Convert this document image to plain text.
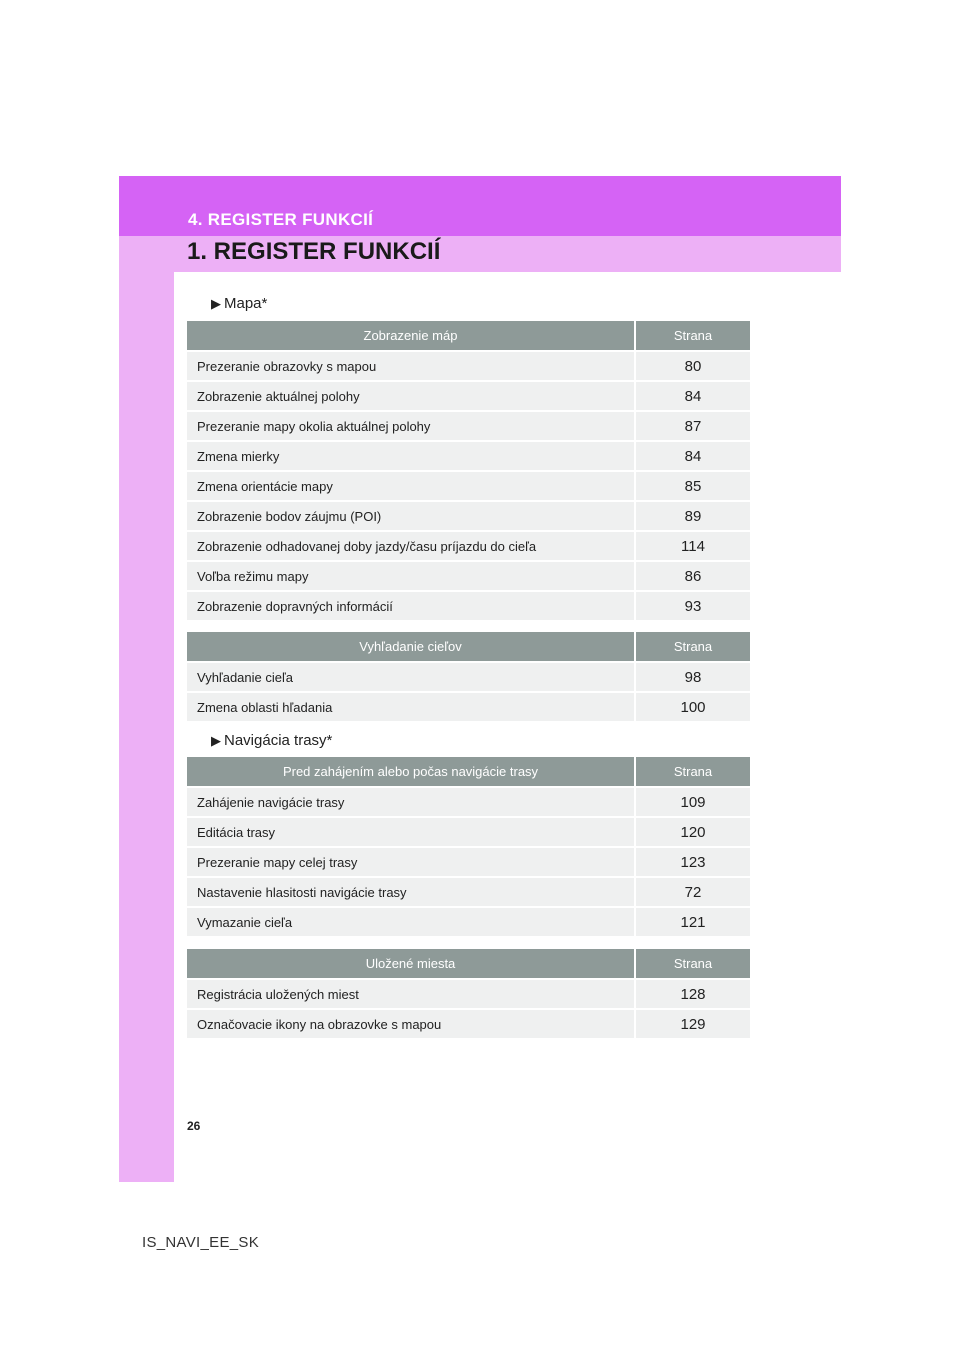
4. REGISTER FUNKCIÍ
1. REGISTER FUNKCIÍ
▶ Mapa*
Zobrazenie máp	Strana
Prezeranie obrazovky s mapou	80
Zobrazenie aktuálnej polohy	84
Prezeranie mapy okolia aktuálnej polohy	87
Zmena mierky	84
Zmena orientácie mapy	85
Zobrazenie bodov záujmu (POI)	89
Zobrazenie odhadovanej doby jazdy/času príjazdu do cieľa	114
Voľba režimu mapy	86
Zobrazenie dopravných informácií	93
Vyhľadanie cieľov	Strana
Vyhľadanie cieľa	98
Zmena oblasti hľadania	100
▶ Navigácia trasy*
Pred zahájením alebo počas navigácie trasy	Strana
Zahájenie navigácie trasy	109
Editácia trasy	120
Prezeranie mapy celej trasy	123
Nastavenie hlasitosti navigácie trasy	72
Vymazanie cieľa	121
Uložené miesta	Strana
Registrácia uložených miest	128
Označovacie ikony na obrazovke s mapou	129
26
IS_NAVI_EE_SK
